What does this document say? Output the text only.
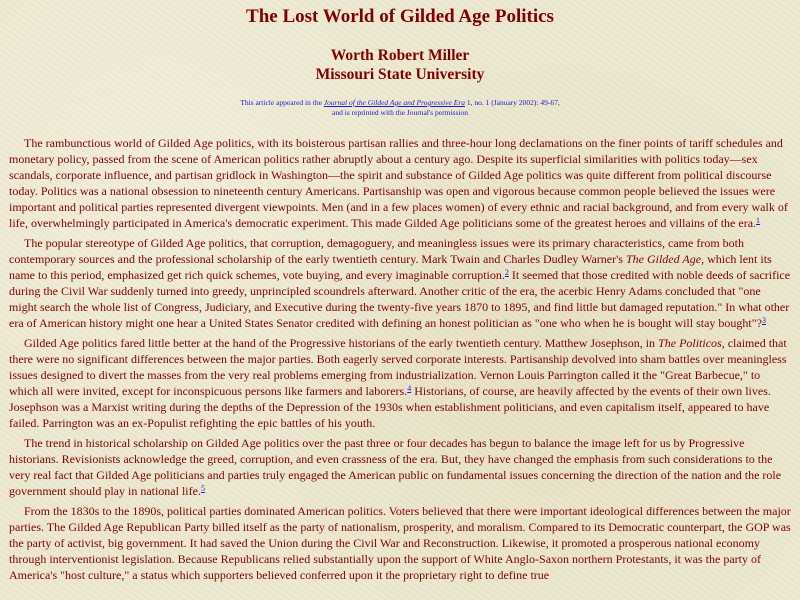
The Lost World of Gilded Age Politics

Worth Robert Miller

Missouri State University

This article appeared in the Journal of the Gilded Age and Progressive Era 1, no. 1 (January 2002): 49-67,
and is reprinted with the Journal's permission

The rambunctious world of Gilded Age politics, with its boisterous partisan rallies and three-hour long declamations on the finer points of tariff schedules and monetary policy, passed from the scene of American politics rather abruptly about a century ago. Despite its superficial similarities with politics today—sex scandals, corporate influence, and partisan gridlock in Washington—the spirit and substance of Gilded Age politics was quite different from political discourse today. Politics was a national obsession to nineteenth century Americans. Partisanship was open and vigorous because common people believed the issues were important and political parties represented divergent viewpoints. Men (and in a few places women) of every ethnic and racial background, and from every walk of life, overwhelmingly participated in America's democratic experiment. This made Gilded Age politicians some of the greatest heroes and villains of the era.$^1$

The popular stereotype of Gilded Age politics, that corruption, demagoguery, and meaningless issues were its primary characteristics, came from both contemporary sources and the professional scholarship of the early twentieth century. Mark Twain and Charles Dudley Warner's The Gilded Age, which lent its name to this period, emphasized get rich quick schemes, vote buying, and every imaginable corruption.$^2$ It seemed that those credited with noble deeds of sacrifice during the Civil War suddenly turned into greedy, unprincipled scoundrels afterward. Another critic of the era, the acerbic Henry Adams concluded that "one might search the whole list of Congress, Judiciary, and Executive during the twenty-five years 1870 to 1895, and find little but damaged reputation." In what other era of American history might one hear a United States Senator credited with defining an honest politician as "one who when he is bought will stay bought"?$^3$

Gilded Age politics fared little better at the hand of the Progressive historians of the early twentieth century. Matthew Josephson, in The Politicos, claimed that there were no significant differences between the major parties. Both eagerly served corporate interests. Partisanship devolved into sham battles over meaningless issues designed to divert the masses from the very real problems emerging from industrialization. Vernon Louis Parrington called it the "Great Barbecue," to which all were invited, except for inconspicuous persons like farmers and laborers.$^4$ Historians, of course, are heavily affected by the events of their own lives. Josephson was a Marxist writing during the depths of the Depression of the 1930s when establishment politicians, and even capitalism itself, appeared to have failed. Parrington was an ex-Populist refighting the epic battles of his youth.

The trend in historical scholarship on Gilded Age politics over the past three or four decades has begun to balance the image left for us by Progressive historians. Revisionists acknowledge the greed, corruption, and even crassness of the era. But, they have changed the emphasis from such considerations to the very real fact that Gilded Age politicians and parties truly engaged the American public on fundamental issues concerning the direction of the nation and the role government should play in national life.$^5$

From the 1830s to the 1890s, political parties dominated American politics. Voters believed that there were important ideological differences between the major parties. The Gilded Age Republican Party billed itself as the party of nationalism, prosperity, and moralism. Compared to its Democratic counterpart, the GOP was the party of activist, big government. It had saved the Union during the Civil War and Reconstruction. Likewise, it promoted a prosperous national economy through interventionist legislation. Because Republicans relied substantially upon the support of White Anglo-Saxon northern Protestants, it was the party of America's "host culture," a status which supporters believed conferred upon it the proprietary right to define true
